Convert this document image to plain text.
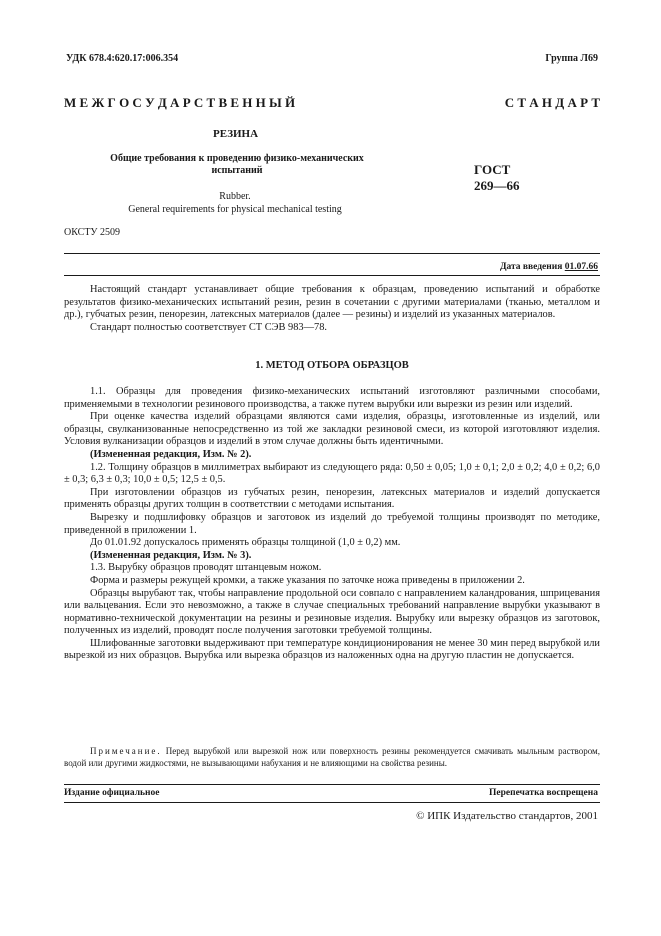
УДК 678.4:620.17:006.354	Группа Л69
М Е Ж Г О С У Д А Р С Т В Е Н Н Ы Й	С Т А Н Д А Р Т
РЕЗИНА
Общие требования к проведению физико-механических испытаний	ГОСТ
269—66
Rubber.
General requirements for physical mechanical testing
ОКСТУ 2509
Дата введения 01.07.66

Настоящий стандарт устанавливает общие требования к образцам, проведению испытаний и обработке результатов физико-механических испытаний резин, резин в сочетании с другими материалами (тканью, металлом и др.), губчатых резин, пенорезин, латексных материалов (далее — резины) и изделий из указанных материалов.

Стандарт полностью соответствует СТ СЭВ 983—78.

1. МЕТОД ОТБОРА ОБРАЗЦОВ

1.1. Образцы для проведения физико-механических испытаний изготовляют различными способами, применяемыми в технологии резинового производства, а также путем вырубки или вырезки из резин или изделий.

При оценке качества изделий образцами являются сами изделия, образцы, изготовленные из изделий, или образцы, свулканизованные непосредственно из той же закладки резиновой смеси, из которой изготовляют изделия. Условия вулканизации образцов и изделий в этом случае должны быть идентичными.

(Измененная редакция, Изм. № 2).

1.2. Толщину образцов в миллиметрах выбирают из следующего ряда: 0,50 ± 0,05; 1,0 ± 0,1; 2,0 ± 0,2; 4,0 ± 0,2; 6,0 ± 0,3; 6,3 ± 0,3; 10,0 ± 0,5; 12,5 ± 0,5.

При изготовлении образцов из губчатых резин, пенорезин, латексных материалов и изделий допускается применять образцы других толщин в соответствии с методами испытания.

Вырезку и подшлифовку образцов и заготовок из изделий до требуемой толщины производят по методике, приведенной в приложении 1.

До 01.01.92 допускалось применять образцы толщиной (1,0 ± 0,2) мм.

(Измененная редакция, Изм. № 3).

1.3. Вырубку образцов проводят штанцевым ножом.

Форма и размеры режущей кромки, а также указания по заточке ножа приведены в приложении 2.

Образцы вырубают так, чтобы направление продольной оси совпало с направлением каландрования, шприцевания или вальцевания. Если это невозможно, а также в случае специальных требований направление вырубки указывают в нормативно-технической документации на резины и резиновые изделия. Вырубку или вырезку образцов из заготовок, полученных из изделий, проводят после получения заготовки требуемой толщины.

Шлифованные заготовки выдерживают при температуре кондиционирования не менее 30 мин перед вырубкой или вырезкой из них образцов. Вырубка или вырезка образцов из наложенных одна на другую пластин не допускается.

Примечание. Перед вырубкой или вырезкой нож или поверхность резины рекомендуется смачивать мыльным раствором, водой или другими жидкостями, не вызывающими набухания и не влияющими на свойства резины.

Издание официальное	Перепечатка воспрещена
© ИПК Издательство стандартов, 2001
